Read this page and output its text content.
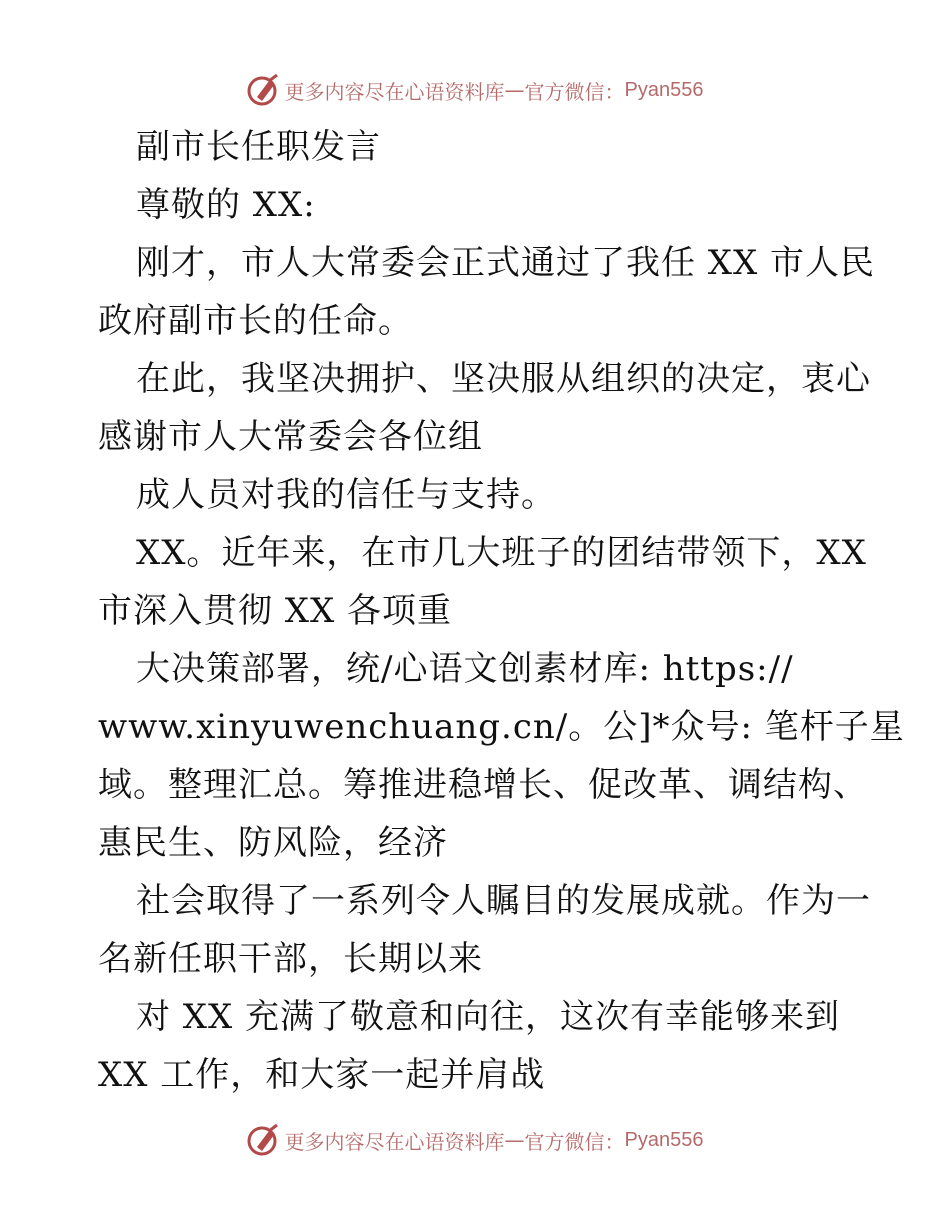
更多内容尽在心语资料库 — 官方微信： Pyan556
副市长任职发言
尊敬的 XX:
刚才，市人大常委会正式通过了我任 XX 市人民
政府副市长的任命。
在此，我坚决拥护、坚决服从组织的决定，衷心
感谢市人大常委会各位组
成人员对我的信任与支持。
XX。近年来，在市几大班子的团结带领下，XX
市深入贯彻 XX 各项重
大决策部署，统/心语文创素材库: https://
www.xinyuwenchuang.cn/。公]*众号: 笔杆子星
域。整理汇总。筹推进稳增长、促改革、调结构、
惠民生、防风险，经济
社会取得了一系列令人瞩目的发展成就。作为一
名新任职干部，长期以来
对 XX 充满了敬意和向往，这次有幸能够来到
XX 工作，和大家一起并肩战
更多内容尽在心语资料库 — 官方微信： Pyan556
